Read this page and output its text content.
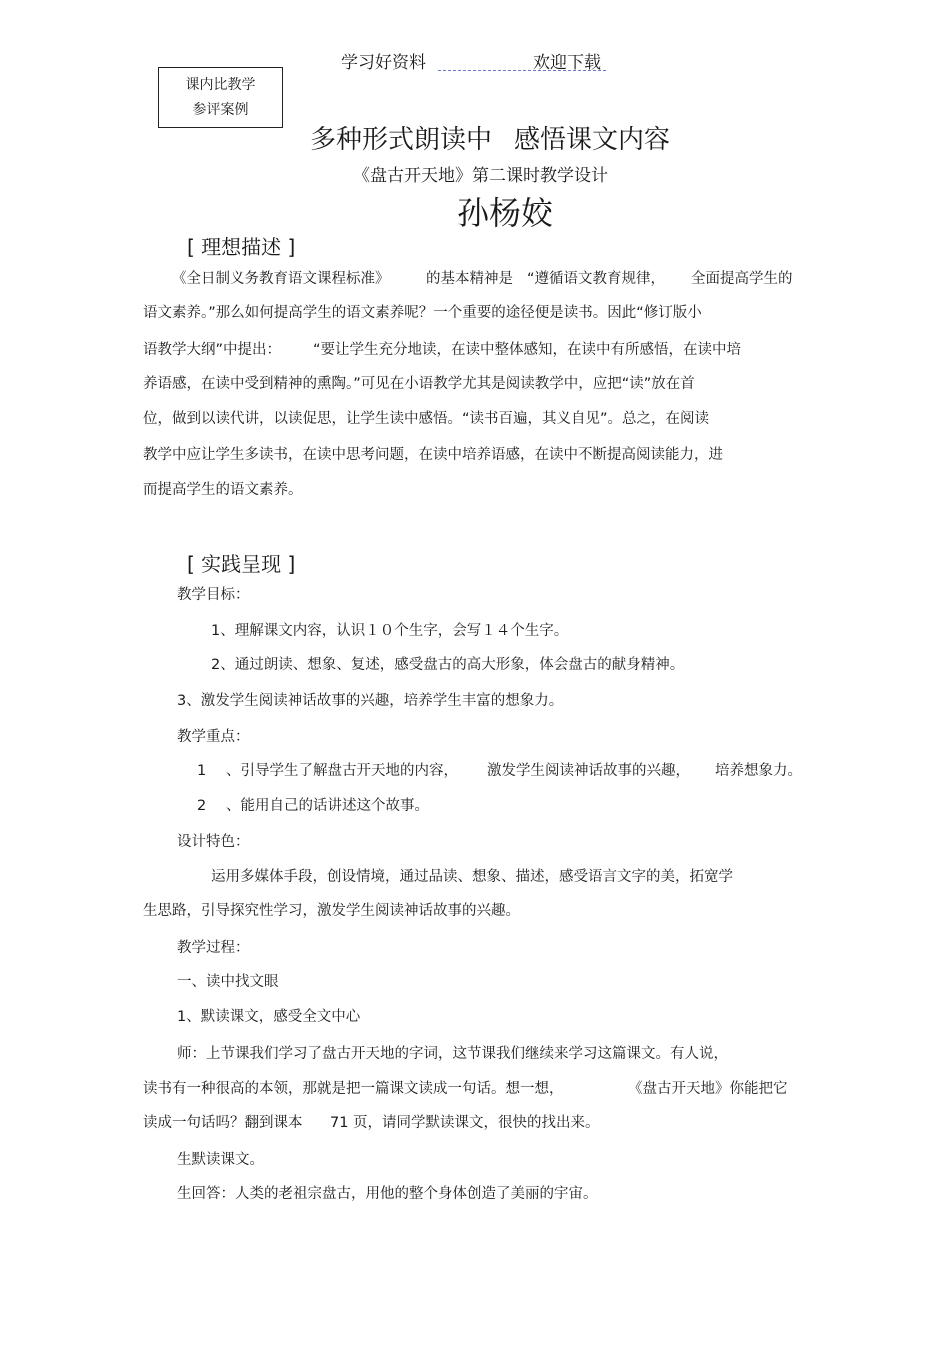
学习好资料	欢迎下载
课内比教学
参评案例
多种形式朗读中 感悟课文内容
《盘古开天地》第二课时教学设计
孙杨姣
[ 理想描述 ]
《全日制义务教育语文课程标准》	的基本精神是 “遵循语文教育规律， 全面提高学生的
语文素养。”那么如何提高学生的语文素养呢？一个重要的途径便是读书。因此“修订版小
语教学大纲”中提出： “要让学生充分地读，在读中整体感知，在读中有所感悟，在读中培
养语感，在读中受到精神的熏陶。”可见在小语教学尤其是阅读教学中，应把“读”放在首
位，做到以读代讲，以读促思，让学生读中感悟。“读书百遍，其义自见”。总之，在阅读
教学中应让学生多读书，在读中思考问题，在读中培养语感，在读中不断提高阅读能力，进
而提高学生的语文素养。
[ 实践呈现 ]
教学目标：
1、理解课文内容，认识１０个生字，会写１４个生字。
2、通过朗读、想象、复述，感受盘古的高大形象，体会盘古的献身精神。
3、激发学生阅读神话故事的兴趣，培养学生丰富的想象力。
教学重点：
1 、引导学生了解盘古开天地的内容， 激发学生阅读神话故事的兴趣， 培养想象力。
2 、能用自己的话讲述这个故事。
设计特色：
运用多媒体手段，创设情境，通过品读、想象、描述，感受语言文字的美，拓宽学
生思路，引导探究性学习，激发学生阅读神话故事的兴趣。
教学过程：
一、读中找文眼
1、默读课文，感受全文中心
师：上节课我们学习了盘古开天地的字词，这节课我们继续来学习这篇课文。有人说，
读书有一种很高的本领，那就是把一篇课文读成一句话。想一想，	《盘古开天地》你能把它
读成一句话吗？翻到课本 71 页，请同学默读课文，很快的找出来。
生默读课文。
生回答：人类的老祖宗盘古，用他的整个身体创造了美丽的宇宙。
